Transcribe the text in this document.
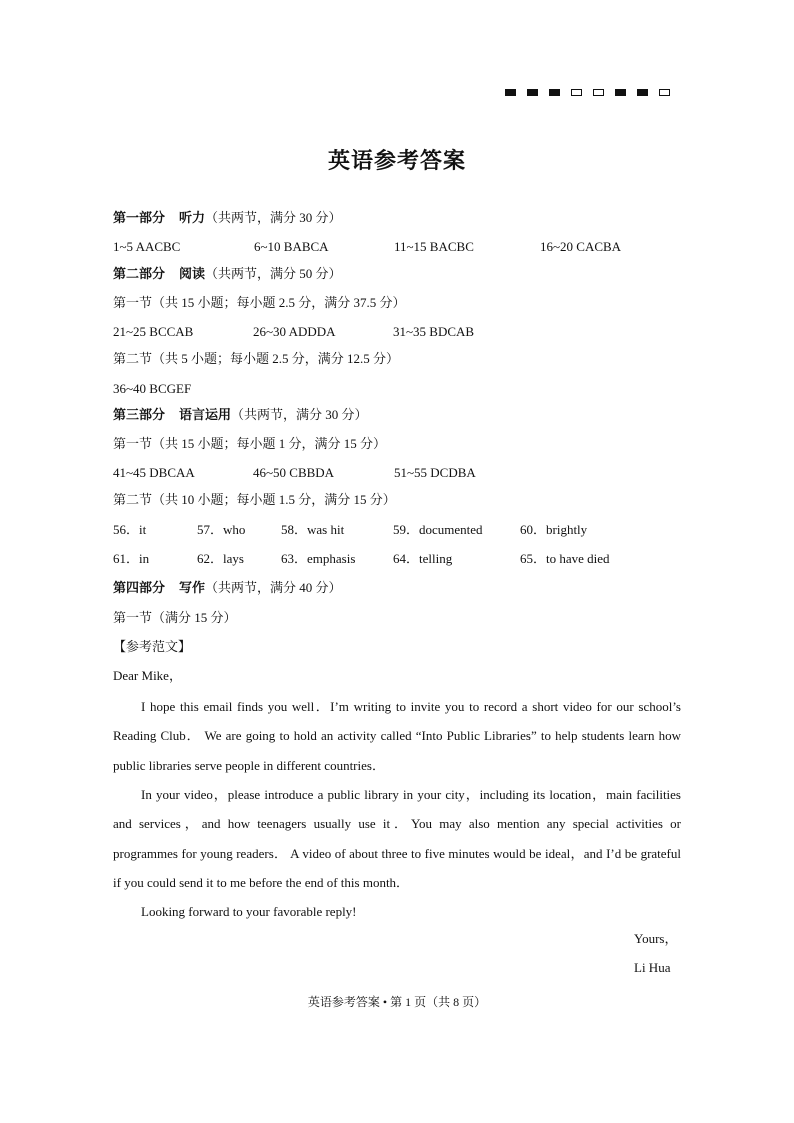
英语参考答案
第一部分 听力（共两节，满分 30 分）
1~5 AACBC	6~10 BABCA	11~15 BACBC	16~20 CACBA
第二部分 阅读（共两节，满分 50 分）
第一节（共 15 小题；每小题 2.5 分，满分 37.5 分）
21~25 BCCAB	26~30 ADDDA	31~35 BDCAB
第二节（共 5 小题；每小题 2.5 分，满分 12.5 分）
36~40 BCGEF
第三部分 语言运用（共两节，满分 30 分）
第一节（共 15 小题；每小题 1 分，满分 15 分）
41~45 DBCAA	46~50 CBBDA	51~55 DCDBA
第二节（共 10 小题；每小题 1.5 分，满分 15 分）
56．it	57．who	58．was hit	59．documented	60．brightly
61．in	62．lays	63．emphasis	64．telling	65．to have died
第四部分 写作（共两节，满分 40 分）
第一节（满分 15 分）
【参考范文】
Dear Mike，
I hope this email finds you well．I’m writing to invite you to record a short video for our school’s Reading Club． We are going to hold an activity called “Into Public Libraries” to help students learn how public libraries serve people in different countries．
In your video，please introduce a public library in your city，including its location，main facilities and services，and how teenagers usually use it．You may also mention any special activities or programmes for young readers． A video of about three to five minutes would be ideal，and I’d be grateful if you could send it to me before the end of this month．
Looking forward to your favorable reply!
Yours，
Li Hua
英语参考答案 • 第 1 页（共 8 页）
